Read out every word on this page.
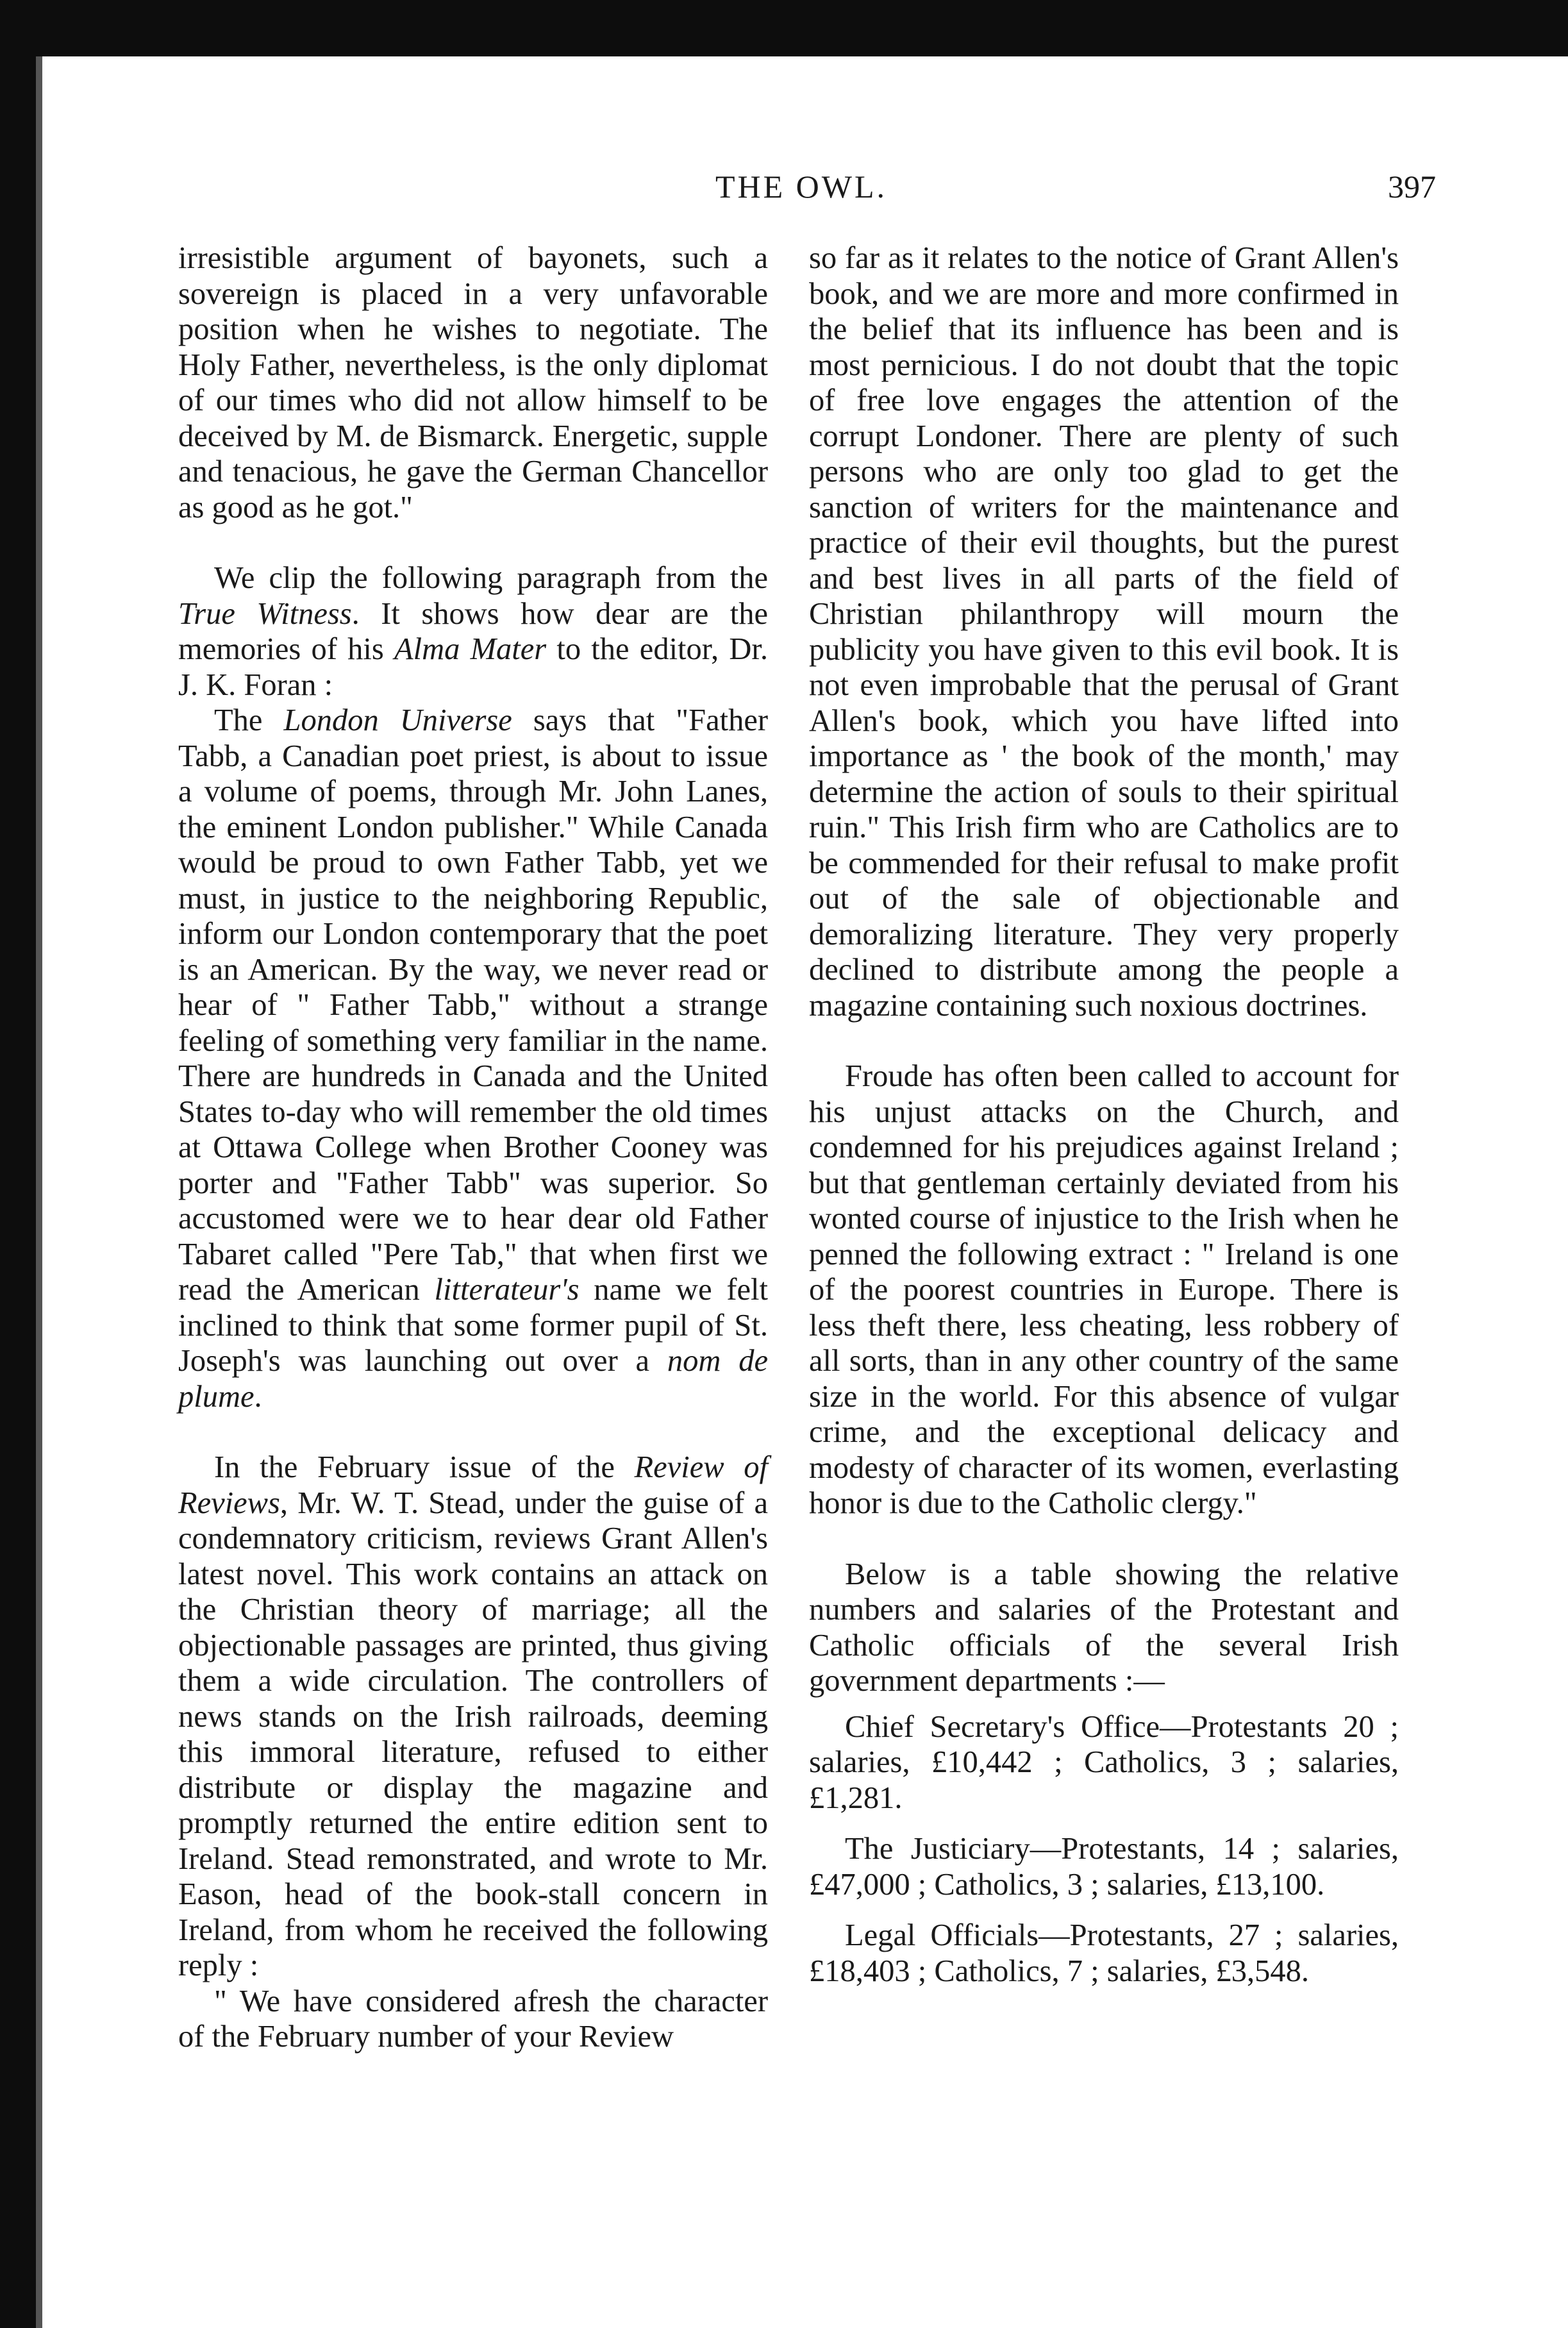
THE OWL.	397

irresistible argument of bayonets, such a sovereign is placed in a very unfavorable position when he wishes to negotiate. The Holy Father, nevertheless, is the only diplomat of our times who did not allow himself to be deceived by M. de Bismarck. Energetic, supple and tenacious, he gave the German Chancellor as good as he got."

We clip the following paragraph from the True Witness. It shows how dear are the memories of his Alma Mater to the editor, Dr. J. K. Foran :

The London Universe says that "Father Tabb, a Canadian poet priest, is about to issue a volume of poems, through Mr. John Lanes, the eminent London publisher." While Canada would be proud to own Father Tabb, yet we must, in justice to the neighboring Republic, inform our London contemporary that the poet is an American. By the way, we never read or hear of " Father Tabb," without a strange feeling of something very familiar in the name. There are hundreds in Canada and the United States to-day who will remember the old times at Ottawa College when Brother Cooney was porter and "Father Tabb" was superior. So accustomed were we to hear dear old Father Tabaret called "Pere Tab," that when first we read the American litterateur's name we felt inclined to think that some former pupil of St. Joseph's was launching out over a nom de plume.

In the February issue of the Review of Reviews, Mr. W. T. Stead, under the guise of a condemnatory criticism, reviews Grant Allen's latest novel. This work contains an attack on the Christian theory of marriage; all the objectionable passages are printed, thus giving them a wide circulation. The controllers of news stands on the Irish railroads, deeming this immoral literature, refused to either distribute or display the magazine and promptly returned the entire edition sent to Ireland. Stead remonstrated, and wrote to Mr. Eason, head of the book-stall concern in Ireland, from whom he received the following reply :

" We have considered afresh the character of the February number of your Review

so far as it relates to the notice of Grant Allen's book, and we are more and more confirmed in the belief that its influence has been and is most pernicious. I do not doubt that the topic of free love engages the attention of the corrupt Londoner. There are plenty of such persons who are only too glad to get the sanction of writers for the maintenance and practice of their evil thoughts, but the purest and best lives in all parts of the field of Christian philanthropy will mourn the publicity you have given to this evil book. It is not even improbable that the perusal of Grant Allen's book, which you have lifted into importance as ' the book of the month,' may determine the action of souls to their spiritual ruin." This Irish firm who are Catholics are to be commended for their refusal to make profit out of the sale of objectionable and demoralizing literature. They very properly declined to distribute among the people a magazine containing such noxious doctrines.

Froude has often been called to account for his unjust attacks on the Church, and condemned for his prejudices against Ireland ; but that gentleman certainly deviated from his wonted course of injustice to the Irish when he penned the following extract : " Ireland is one of the poorest countries in Europe. There is less theft there, less cheating, less robbery of all sorts, than in any other country of the same size in the world. For this absence of vulgar crime, and the exceptional delicacy and modesty of character of its women, everlasting honor is due to the Catholic clergy."

Below is a table showing the relative numbers and salaries of the Protestant and Catholic officials of the several Irish government departments :—

Chief Secretary's Office—Protestants 20 ; salaries, £10,442 ; Catholics, 3 ; salaries, £1,281.

The Justiciary—Protestants, 14 ; salaries, £47,000 ; Catholics, 3 ; salaries, £13,100.

Legal Officials—Protestants, 27 ; salaries, £18,403 ; Catholics, 7 ; salaries, £3,548.
